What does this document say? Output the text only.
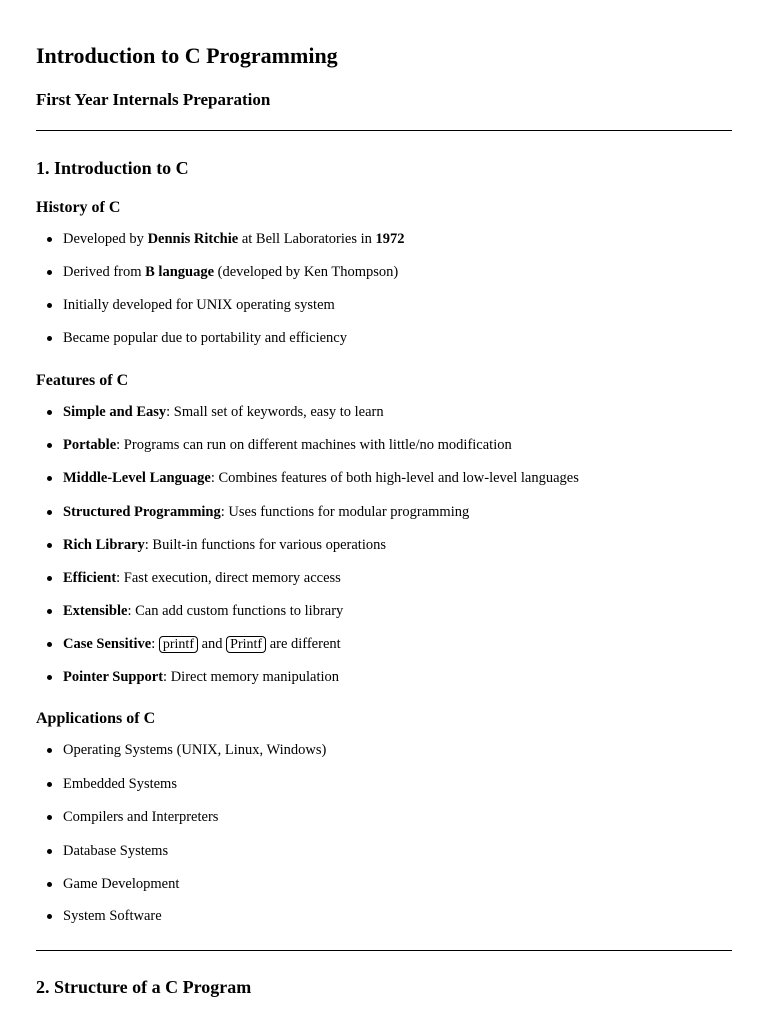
Introduction to C Programming
First Year Internals Preparation
1. Introduction to C
History of C
Developed by Dennis Ritchie at Bell Laboratories in 1972
Derived from B language (developed by Ken Thompson)
Initially developed for UNIX operating system
Became popular due to portability and efficiency
Features of C
Simple and Easy: Small set of keywords, easy to learn
Portable: Programs can run on different machines with little/no modification
Middle-Level Language: Combines features of both high-level and low-level languages
Structured Programming: Uses functions for modular programming
Rich Library: Built-in functions for various operations
Efficient: Fast execution, direct memory access
Extensible: Can add custom functions to library
Case Sensitive: printf and Printf are different
Pointer Support: Direct memory manipulation
Applications of C
Operating Systems (UNIX, Linux, Windows)
Embedded Systems
Compilers and Interpreters
Database Systems
Game Development
System Software
2. Structure of a C Program
